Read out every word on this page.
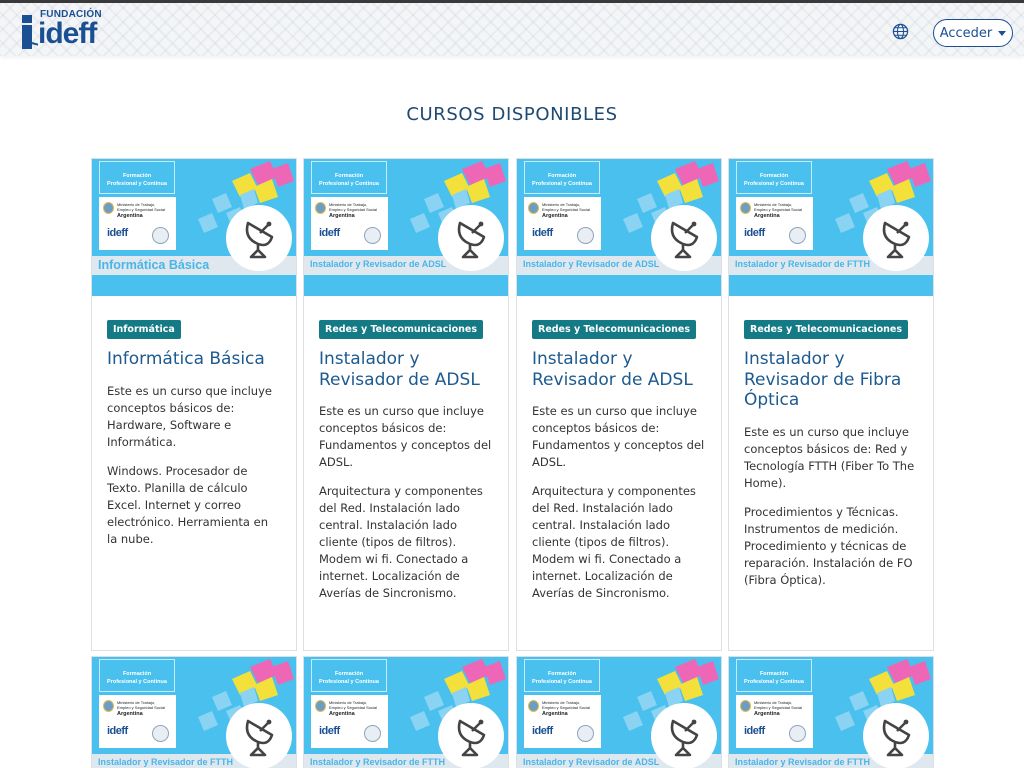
FUNDACIÓN
ideff	Acceder
CURSOS DISPONIBLES
Formación
Profesional y Continua
Ministerio de Trabajo,
Empleo y Seguridad Social
Argentina
ideff
Informática Básica
Informática
Informática Básica

Este es un curso que incluye conceptos básicos de: Hardware, Software e Informática.

Windows. Procesador de Texto. Planilla de cálculo Excel. Internet y correo electrónico. Herramienta en la nube.

Formación
Profesional y Continua
Ministerio de Trabajo,
Empleo y Seguridad Social
Argentina
ideff
Instalador y Revisador de ADSL
Redes y Telecomunicaciones
Instalador y Revisador de ADSL

Este es un curso que incluye conceptos básicos de: Fundamentos y conceptos del ADSL.

Arquitectura y componentes del Red. Instalación lado central. Instalación lado cliente (tipos de filtros). Modem wi fi. Conectado a internet. Localización de Averías de Sincronismo.

Formación
Profesional y Continua
Ministerio de Trabajo,
Empleo y Seguridad Social
Argentina
ideff
Instalador y Revisador de ADSL
Redes y Telecomunicaciones
Instalador y Revisador de ADSL

Este es un curso que incluye conceptos básicos de: Fundamentos y conceptos del ADSL.

Arquitectura y componentes del Red. Instalación lado central. Instalación lado cliente (tipos de filtros). Modem wi fi. Conectado a internet. Localización de Averías de Sincronismo.

Formación
Profesional y Continua
Ministerio de Trabajo,
Empleo y Seguridad Social
Argentina
ideff
Instalador y Revisador de FTTH
Redes y Telecomunicaciones
Instalador y Revisador de Fibra Óptica

Este es un curso que incluye conceptos básicos de: Red y Tecnología FTTH (Fiber To The Home).

Procedimientos y Técnicas. Instrumentos de medición. Procedimiento y técnicas de reparación. Instalación de FO (Fibra Óptica).

Formación
Profesional y Continua
Ministerio de Trabajo,
Empleo y Seguridad Social
Argentina
ideff
Instalador y Revisador de FTTH
Formación
Profesional y Continua
Ministerio de Trabajo,
Empleo y Seguridad Social
Argentina
ideff
Instalador y Revisador de FTTH
Formación
Profesional y Continua
Ministerio de Trabajo,
Empleo y Seguridad Social
Argentina
ideff
Instalador y Revisador de ADSL
Formación
Profesional y Continua
Ministerio de Trabajo,
Empleo y Seguridad Social
Argentina
ideff
Instalador y Revisador de FTTH
